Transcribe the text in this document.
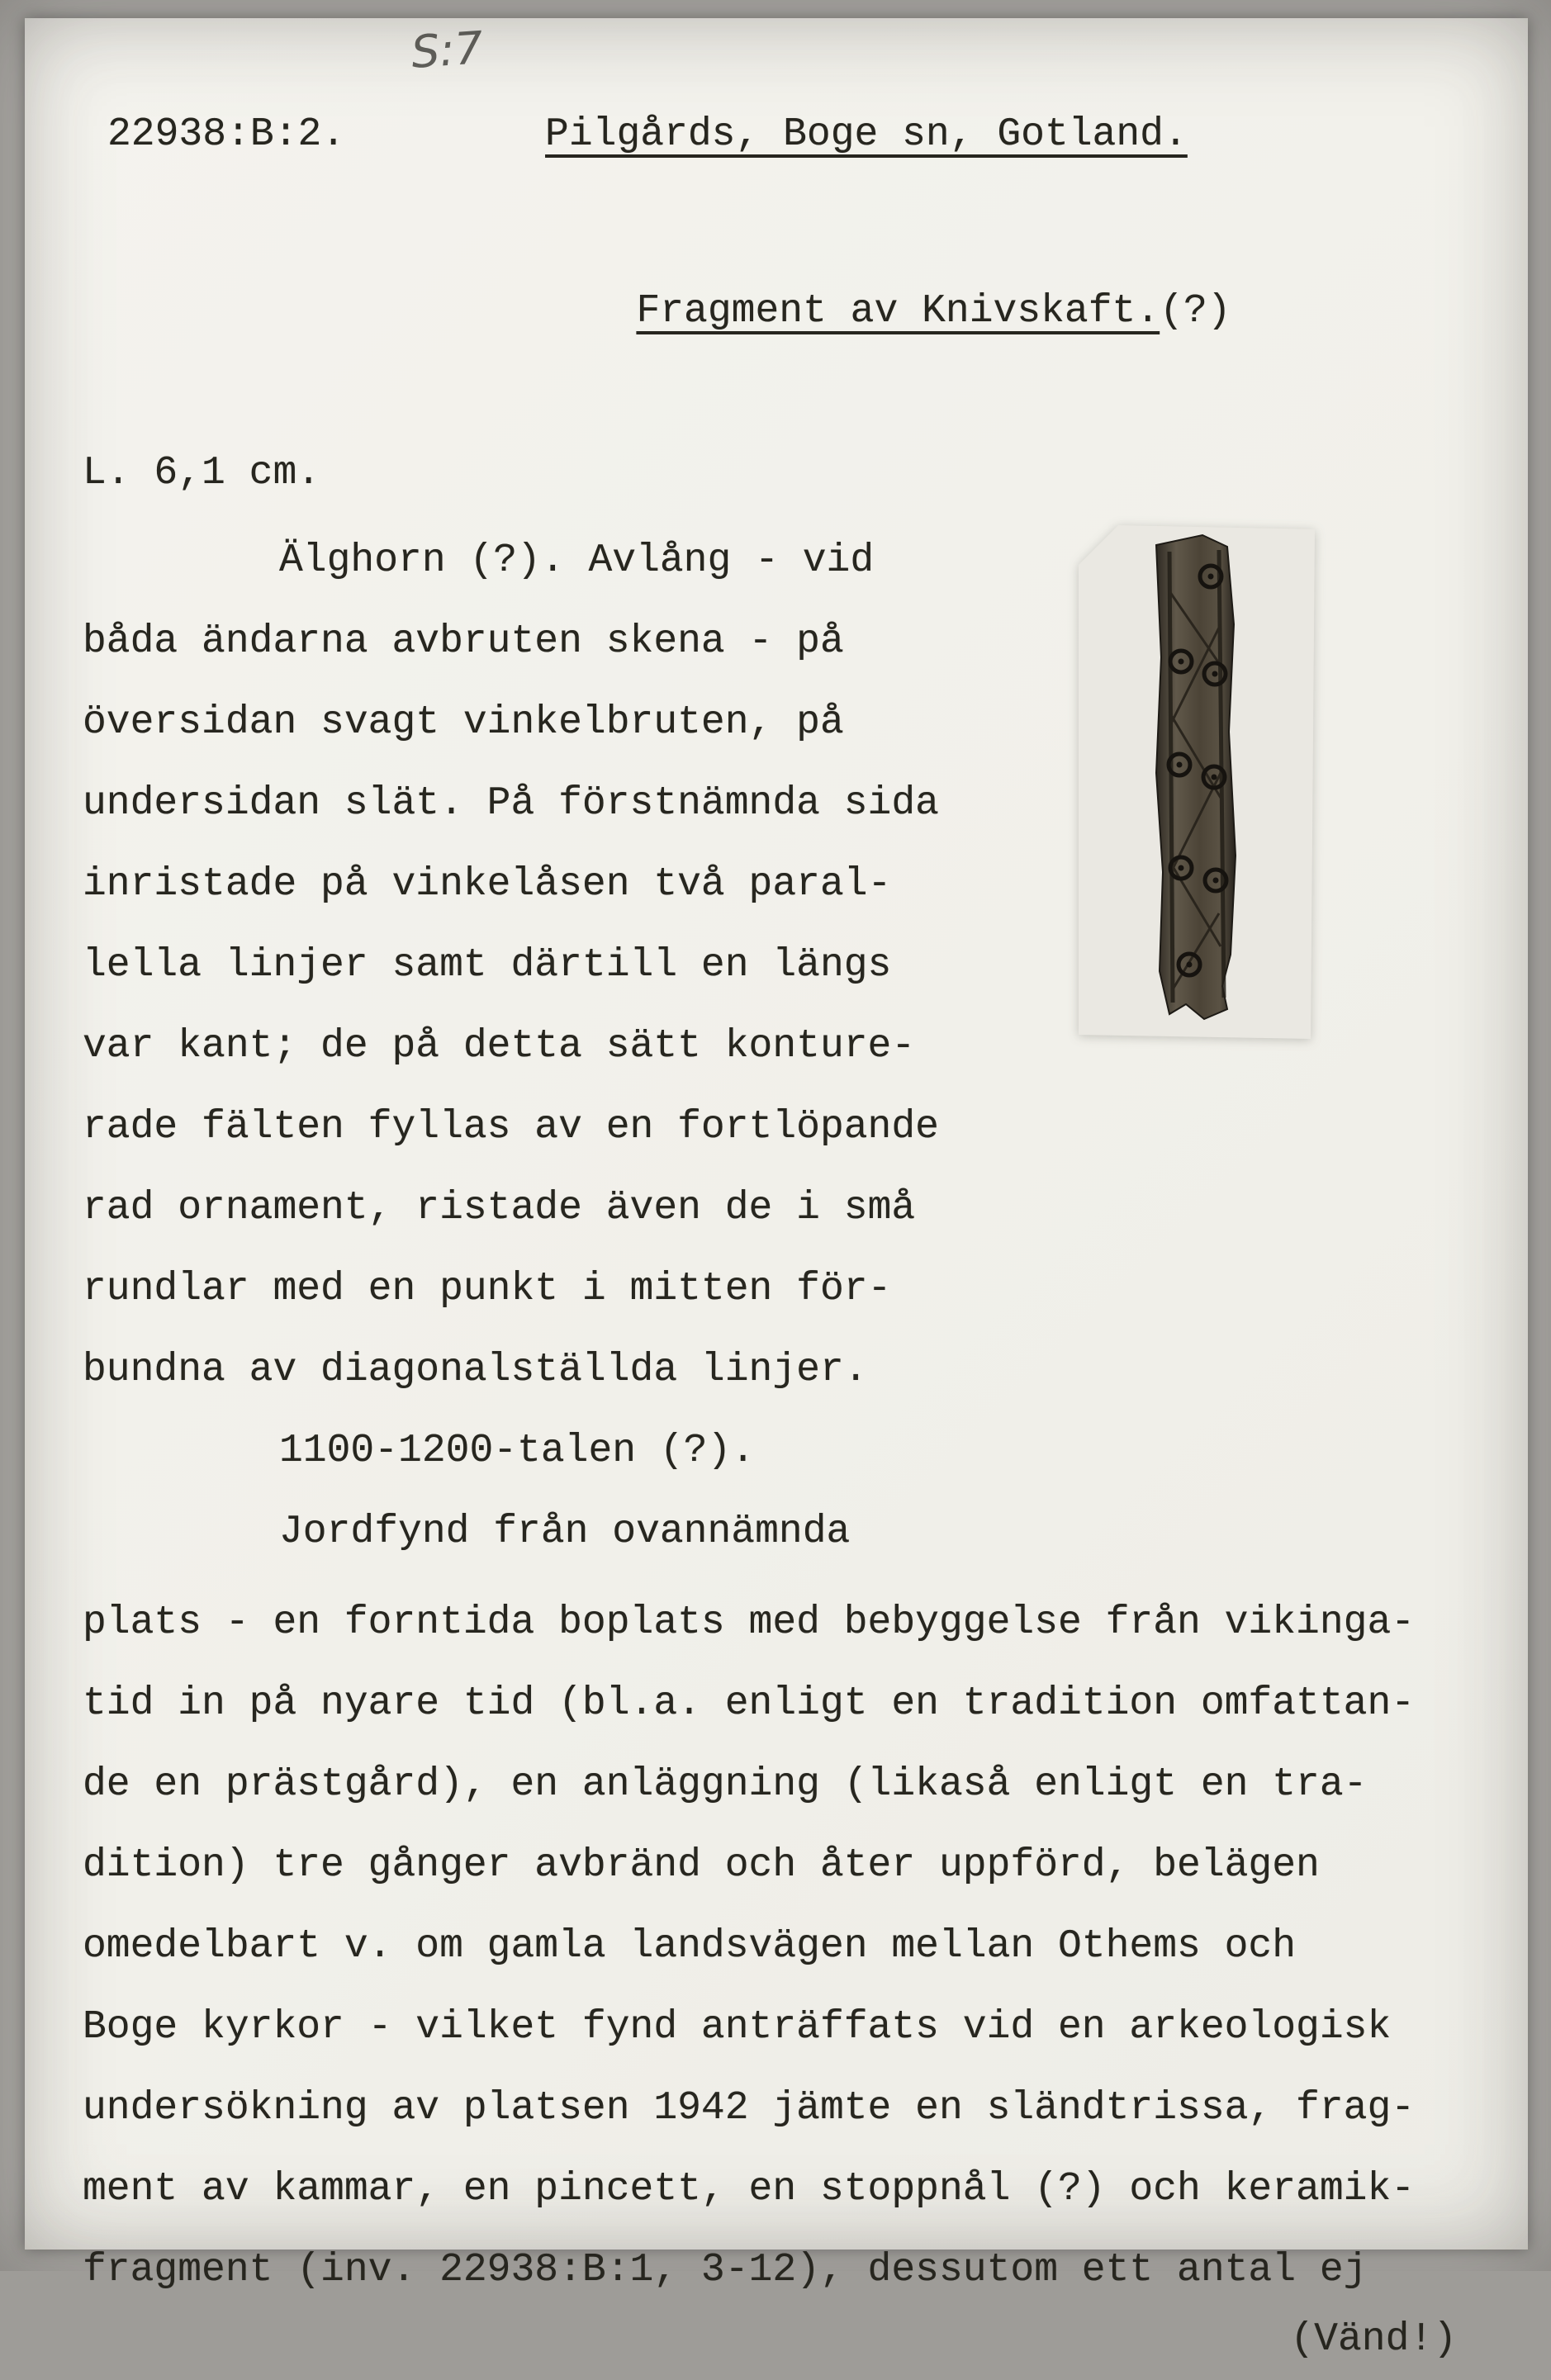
S:7
22938:B:2.	Pilgårds, Boge sn, Gotland.

Fragment av Knivskaft.(?)

L. 6,1 cm.
Älghorn (?). Avlång - vid
båda ändarna avbruten skena - på
översidan svagt vinkelbruten, på
undersidan slät. På förstnämnda sida
inristade på vinkelåsen två paral-
lella linjer samt därtill en längs
var kant; de på detta sätt konture-
rade fälten fyllas av en fortlöpande
rad ornament, ristade även de i små
rundlar med en punkt i mitten för-
bundna av diagonalställda linjer.
1100-1200-talen (?).
Jordfynd från ovannämnda
plats - en forntida boplats med bebyggelse från vikinga-
tid in på nyare tid (bl.a. enligt en tradition omfattan-
de en prästgård), en anläggning (likaså enligt en tra-
dition) tre gånger avbränd och åter uppförd, belägen
omedelbart v. om gamla landsvägen mellan Othems och
Boge kyrkor - vilket fynd anträffats vid en arkeologisk
undersökning av platsen 1942 jämte en sländtrissa, frag-
ment av kammar, en pincett, en stoppnål (?) och keramik-
fragment (inv. 22938:B:1, 3-12), dessutom ett antal ej
(Vänd!)
